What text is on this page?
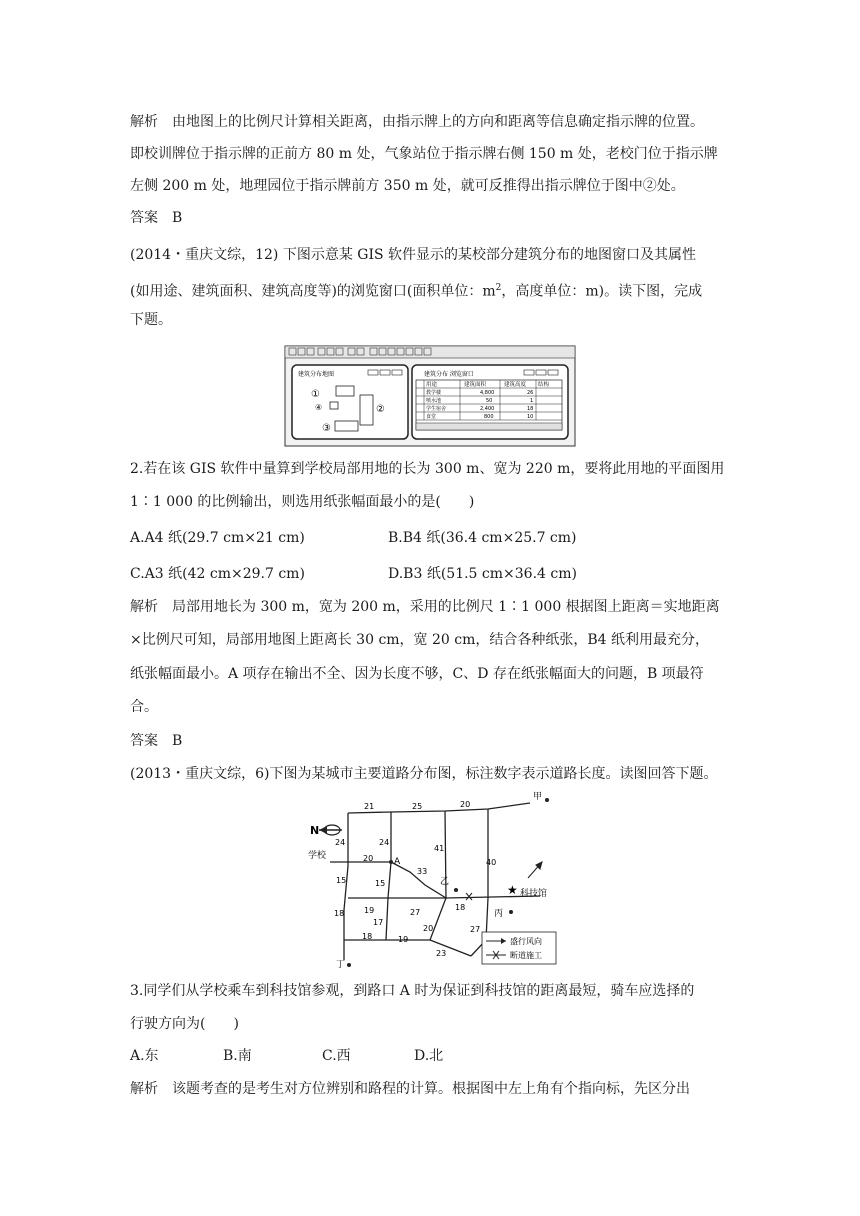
解析　由地图上的比例尺计算相关距离，由指示牌上的方向和距离等信息确定指示牌的位置。
即校训牌位于指示牌的正前方 80 m 处，气象站位于指示牌右侧 150 m 处，老校门位于指示牌
左侧 200 m 处，地理园位于指示牌前方 350 m 处，就可反推得出指示牌位于图中②处。
答案　B
(2014・重庆文综，12) 下图示意某 GIS 软件显示的某校部分建筑分布的地图窗口及其属性
(如用途、建筑面积、建筑高度等)的浏览窗口(面积单位：$m^2$，高度单位：m)。读下图，完成
下题。
建筑分布地图
①
④	②
③
建筑分布 浏览窗口
用途	建筑面积	建筑高度 结构
教学楼	4,800	26
喷水池	50	1
学生宿舍	2,400	18
食堂	800	10
2.若在该 GIS 软件中量算到学校局部用地的长为 300 m、宽为 220 m，要将此用地的平面图用
1∶1 000 的比例输出，则选用纸张幅面最小的是(　　)
A.A4 纸(29.7 cm×21 cm)	B.B4 纸(36.4 cm×25.7 cm)
C.A3 纸(42 cm×29.7 cm)	D.B3 纸(51.5 cm×36.4 cm)
解析　局部用地长为 300 m，宽为 200 m，采用的比例尺 1∶1 000 根据图上距离＝实地距离
×比例尺可知，局部用地图上距离长 30 cm，宽 20 cm，结合各种纸张，B4 纸利用最充分，
纸张幅面最小。A 项存在输出不全、因为长度不够，C、D 存在纸张幅面大的问题，B 项最符
合。
答案　B
(2013・重庆文综，6)下图为某城市主要道路分布图，标注数字表示道路长度。读图回答下题。
N
★
学校
甲
乙
丙
丁
A
科技馆
21	25	20
24	24
41
40
20
33
15	15
19
17
27
18
18
20	27
18	19
23
盛行风向
断道施工
3.同学们从学校乘车到科技馆参观，到路口 A 时为保证到科技馆的距离最短，骑车应选择的
行驶方向为(　　)
A.东	B.南	C.西	D.北
解析　该题考查的是考生对方位辨别和路程的计算。根据图中左上角有个指向标，先区分出
